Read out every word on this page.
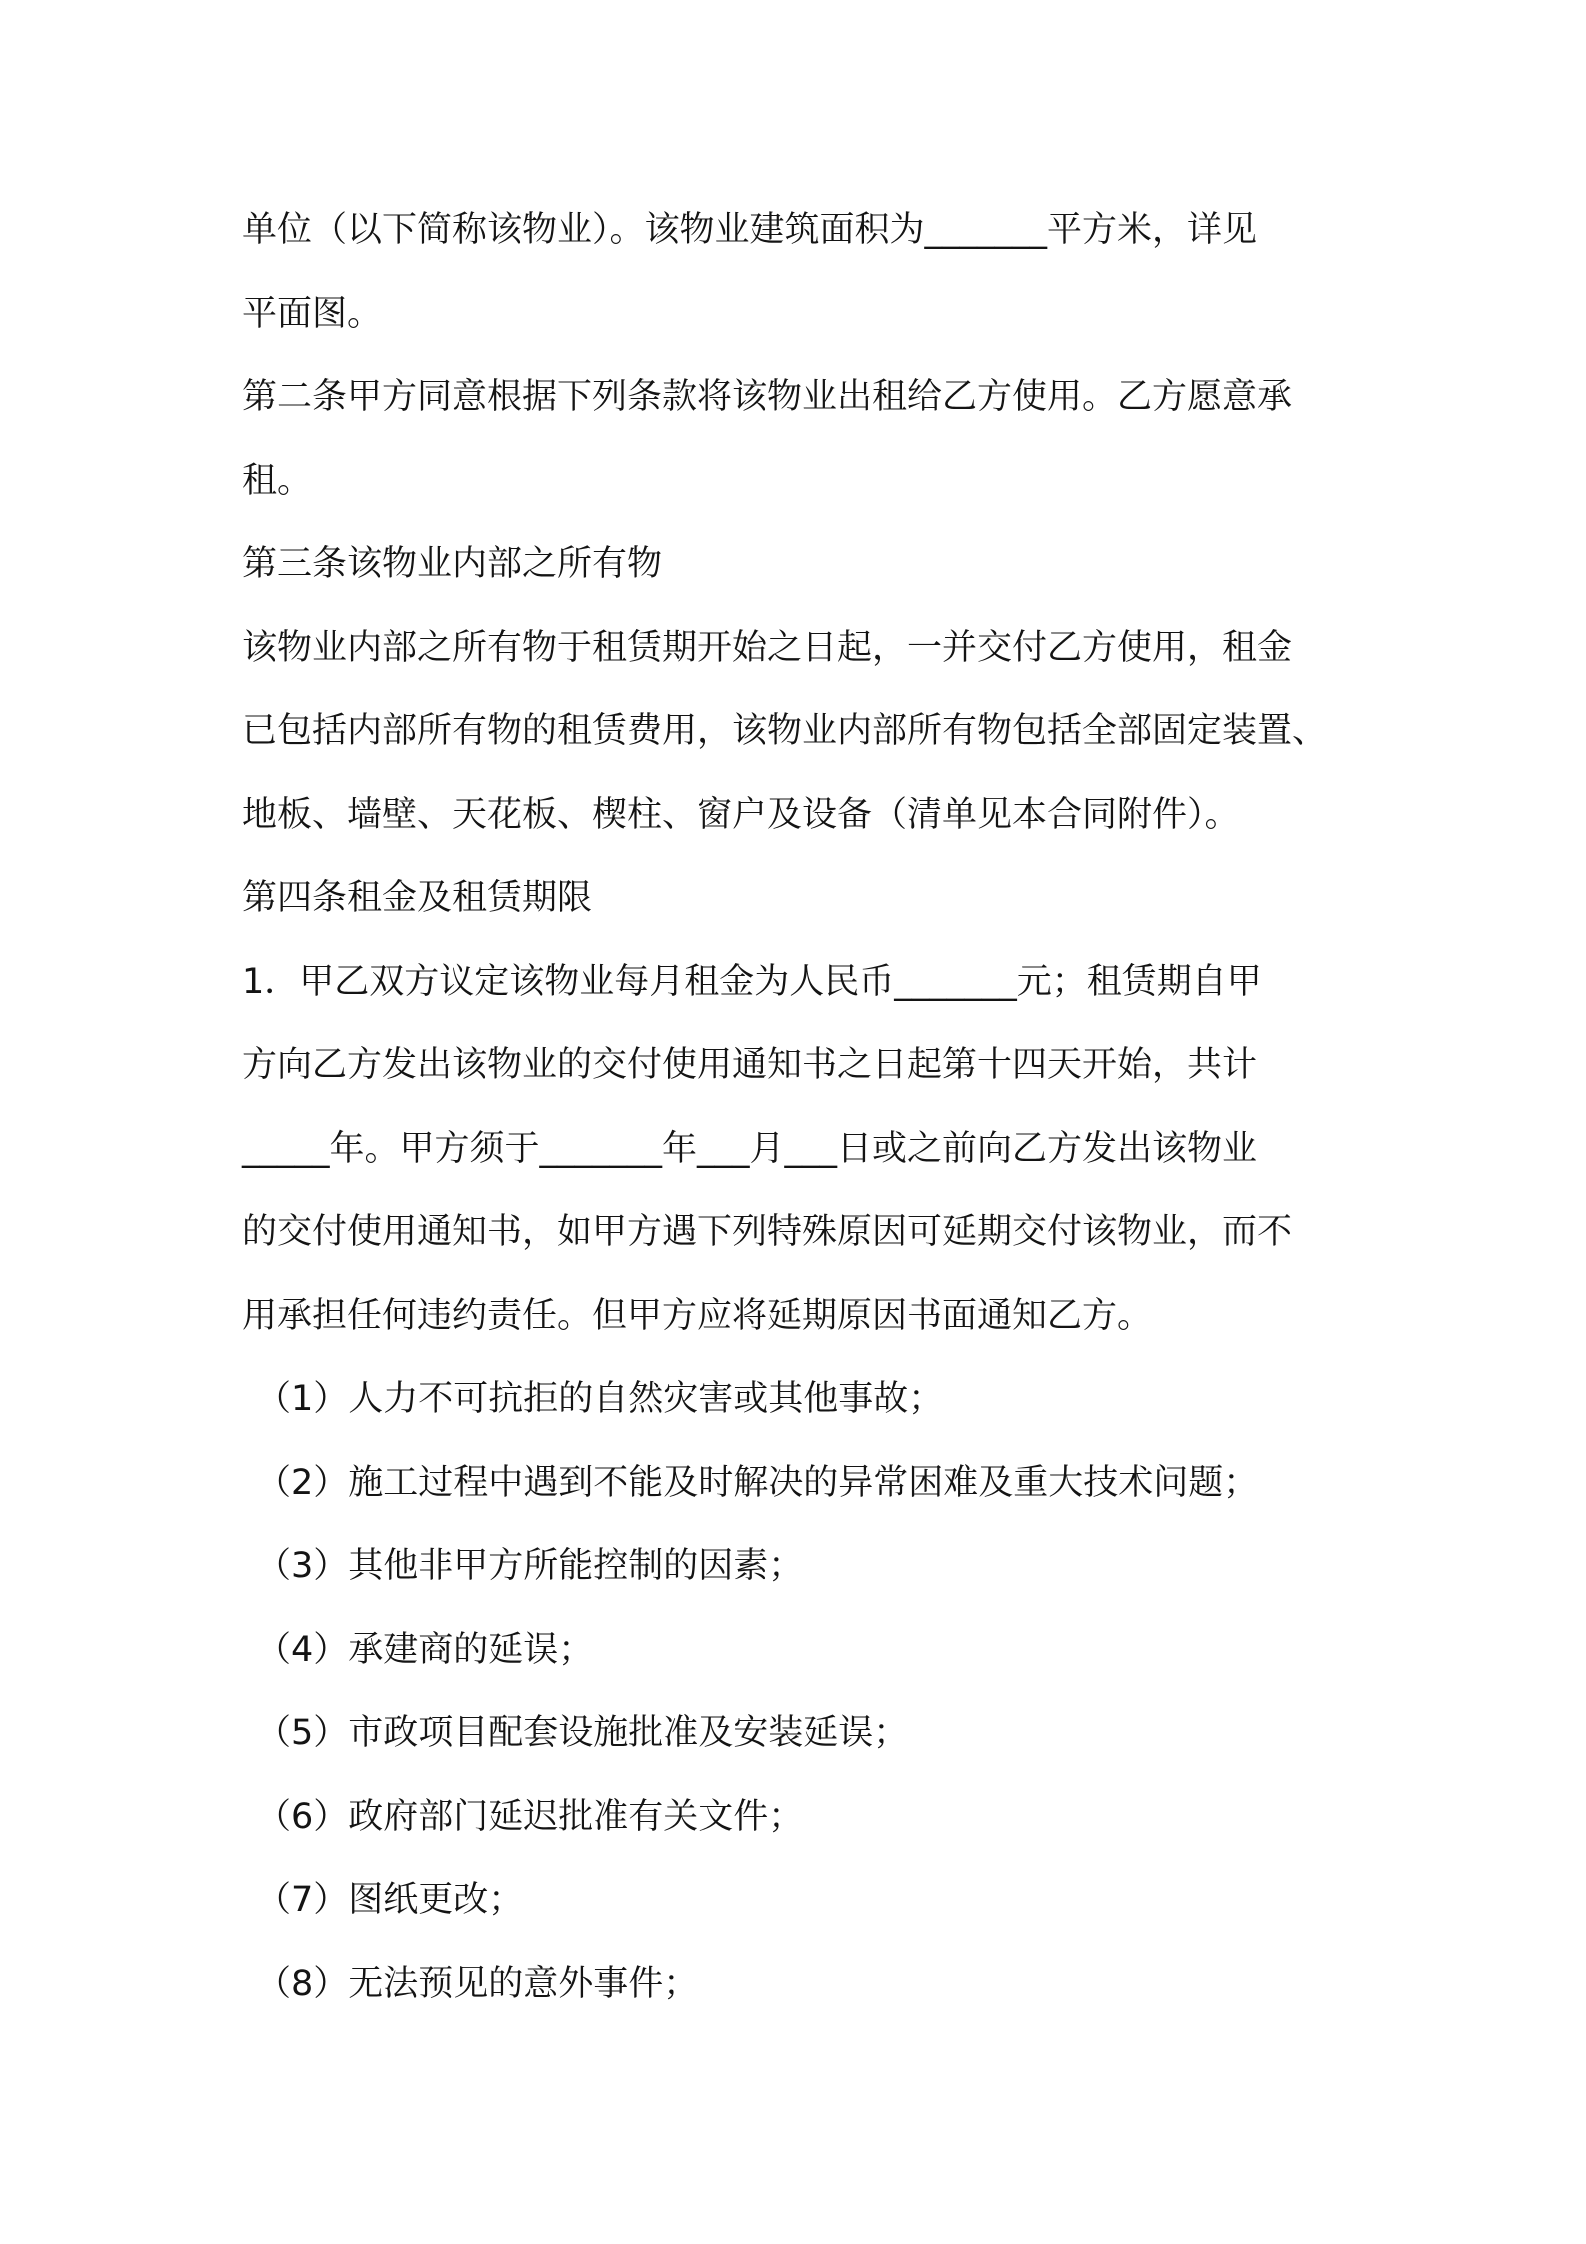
单位（以下简称该物业）。该物业建筑面积为_______平方米，详见
平面图。
第二条甲方同意根据下列条款将该物业出租给乙方使用。乙方愿意承
租。
第三条该物业内部之所有物
该物业内部之所有物于租赁期开始之日起，一并交付乙方使用，租金
已包括内部所有物的租赁费用，该物业内部所有物包括全部固定装置、
地板、墙壁、天花板、楔柱、窗户及设备（清单见本合同附件）。
第四条租金及租赁期限
1．甲乙双方议定该物业每月租金为人民币_______元；租赁期自甲
方向乙方发出该物业的交付使用通知书之日起第十四天开始，共计
_____年。甲方须于_______年___月___日或之前向乙方发出该物业
的交付使用通知书，如甲方遇下列特殊原因可延期交付该物业，而不
用承担任何违约责任。但甲方应将延期原因书面通知乙方。
（1）人力不可抗拒的自然灾害或其他事故；
（2）施工过程中遇到不能及时解决的异常困难及重大技术问题；
（3）其他非甲方所能控制的因素；
（4）承建商的延误；
（5）市政项目配套设施批准及安装延误；
（6）政府部门延迟批准有关文件；
（7）图纸更改；
（8）无法预见的意外事件；
